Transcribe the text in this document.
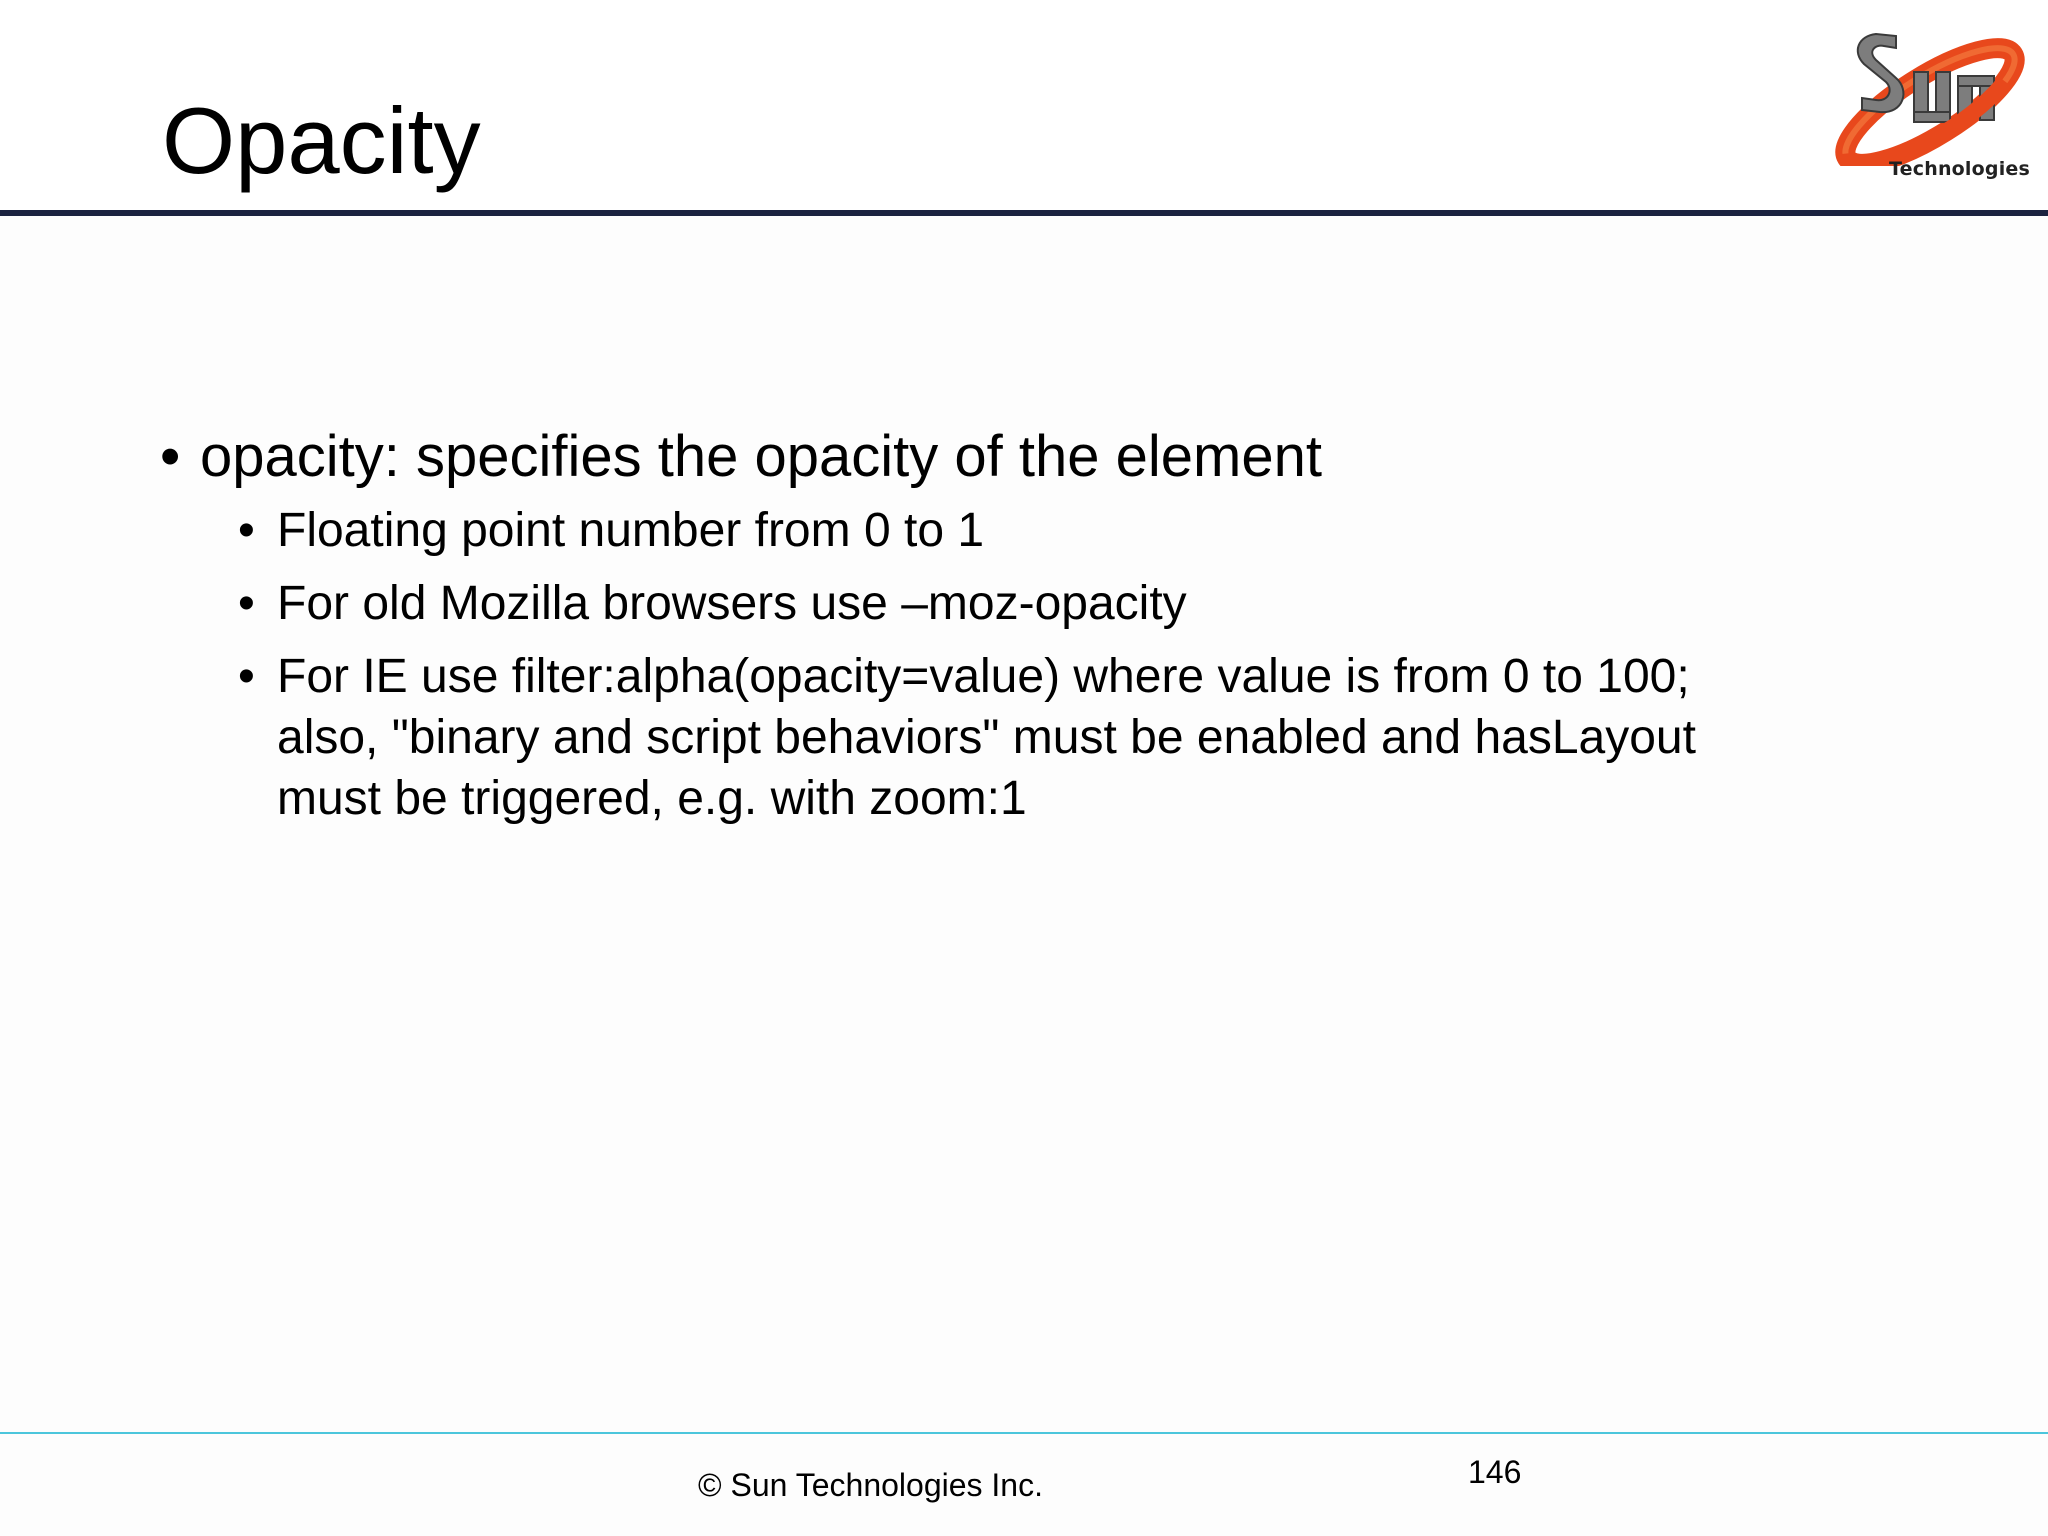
Opacity	Technologies
• opacity: specifies the opacity of the element
• Floating point number from 0 to 1
• For old Mozilla browsers use –moz-opacity
• For IE use filter:alpha(opacity=value) where value is from 0 to 100;
also, "binary and script behaviors" must be enabled and hasLayout
must be triggered, e.g. with zoom:1
© Sun Technologies Inc.	146
